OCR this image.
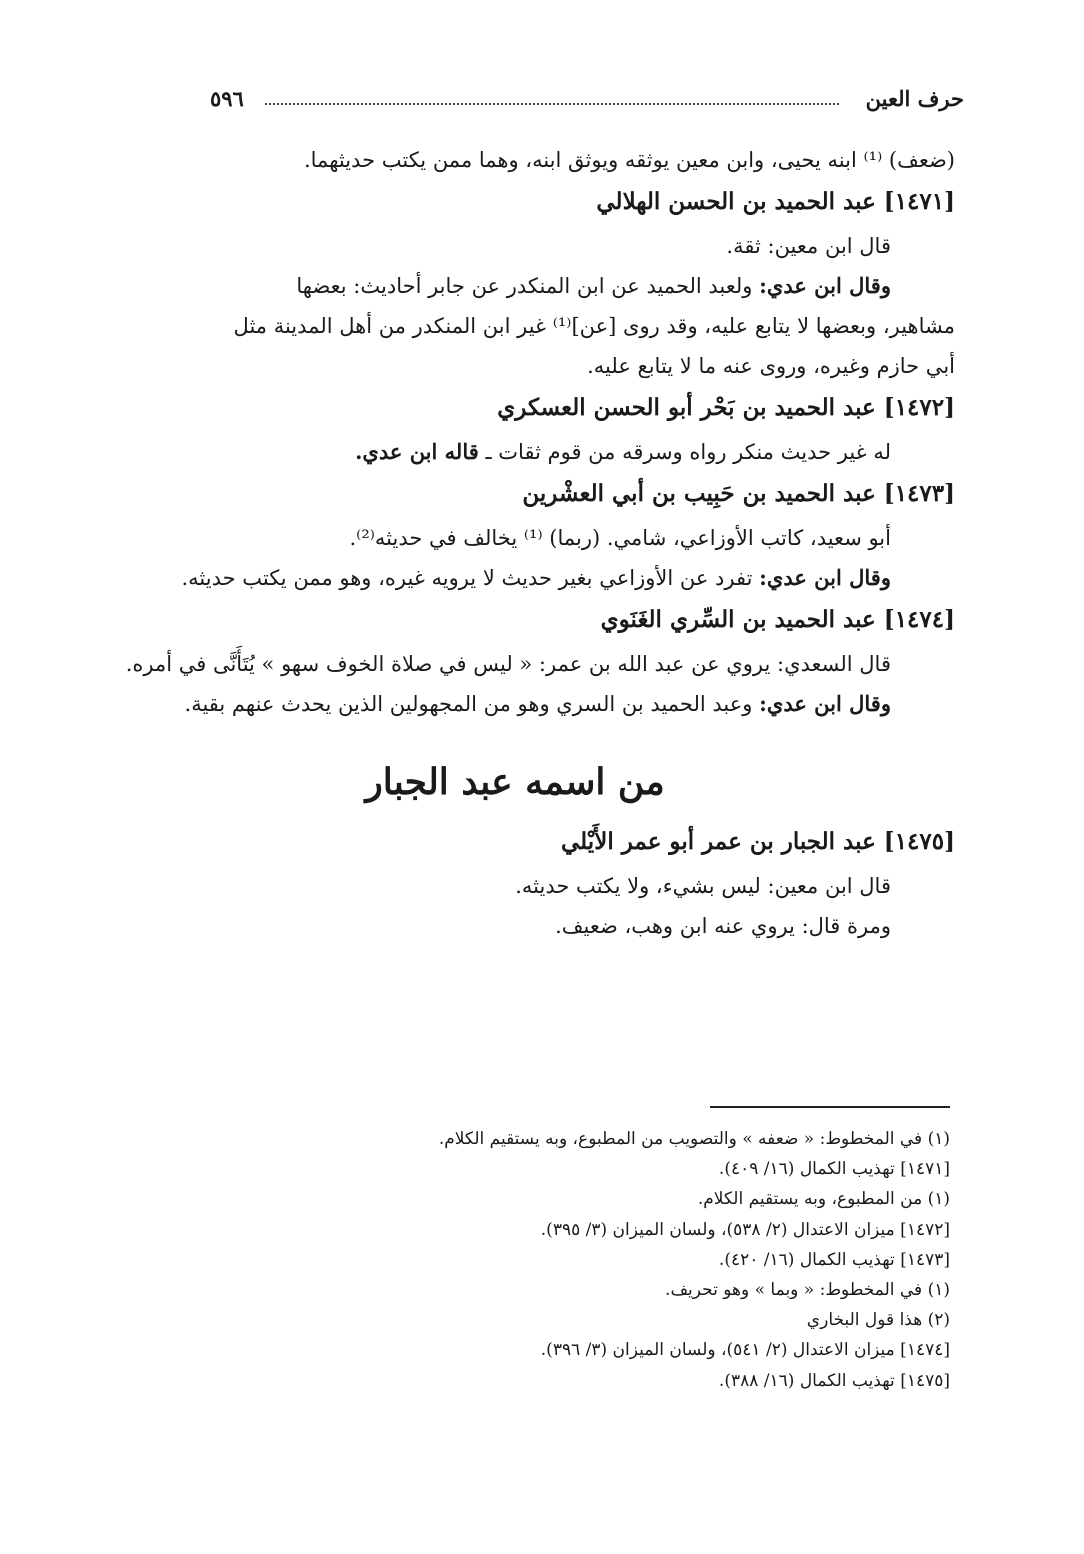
٥٩٦	حرف العين

(ضعف) ⁽¹⁾ ابنه يحيى، وابن معين يوثقه ويوثق ابنه، وهما ممن يكتب حديثهما.

[١٤٧١] عبد الحميد بن الحسن الهلالي

قال ابن معين: ثقة.

وقال ابن عدي: ولعبد الحميد عن ابن المنكدر عن جابر أحاديث: بعضها

مشاهير، وبعضها لا يتابع عليه، وقد روى [عن]⁽¹⁾ غير ابن المنكدر من أهل المدينة مثل

أبي حازم وغيره، وروى عنه ما لا يتابع عليه.

[١٤٧٢] عبد الحميد بن بَحْر أبو الحسن العسكري

له غير حديث منكر رواه وسرقه من قوم ثقات ـ قاله ابن عدي.

[١٤٧٣] عبد الحميد بن حَبِيب بن أبي العشْرين

أبو سعيد، كاتب الأوزاعي، شامي. (ربما) ⁽¹⁾ يخالف في حديثه⁽²⁾.

وقال ابن عدي: تفرد عن الأوزاعي بغير حديث لا يرويه غيره، وهو ممن يكتب حديثه.

[١٤٧٤] عبد الحميد بن السِّري الغَنَوي

قال السعدي: يروي عن عبد الله بن عمر: « ليس في صلاة الخوف سهو » يُتَأَنَّى في أمره.

وقال ابن عدي: وعبد الحميد بن السري وهو من المجهولين الذين يحدث عنهم بقية.

من اسمه عبد الجبار

[١٤٧٥] عبد الجبار بن عمر أبو عمر الأَيْلي

قال ابن معين: ليس بشيء، ولا يكتب حديثه.

ومرة قال: يروي عنه ابن وهب، ضعيف.

(١) في المخطوط: « ضعفه » والتصويب من المطبوع، وبه يستقيم الكلام.

[١٤٧١] تهذيب الكمال (١٦/ ٤٠٩).

(١) من المطبوع، وبه يستقيم الكلام.

[١٤٧٢] ميزان الاعتدال (٢/ ٥٣٨)، ولسان الميزان (٣/ ٣٩٥).

[١٤٧٣] تهذيب الكمال (١٦/ ٤٢٠).

(١) في المخطوط: « وبما » وهو تحريف.

(٢) هذا قول البخاري

[١٤٧٤] ميزان الاعتدال (٢/ ٥٤١)، ولسان الميزان (٣/ ٣٩٦).

[١٤٧٥] تهذيب الكمال (١٦/ ٣٨٨).
